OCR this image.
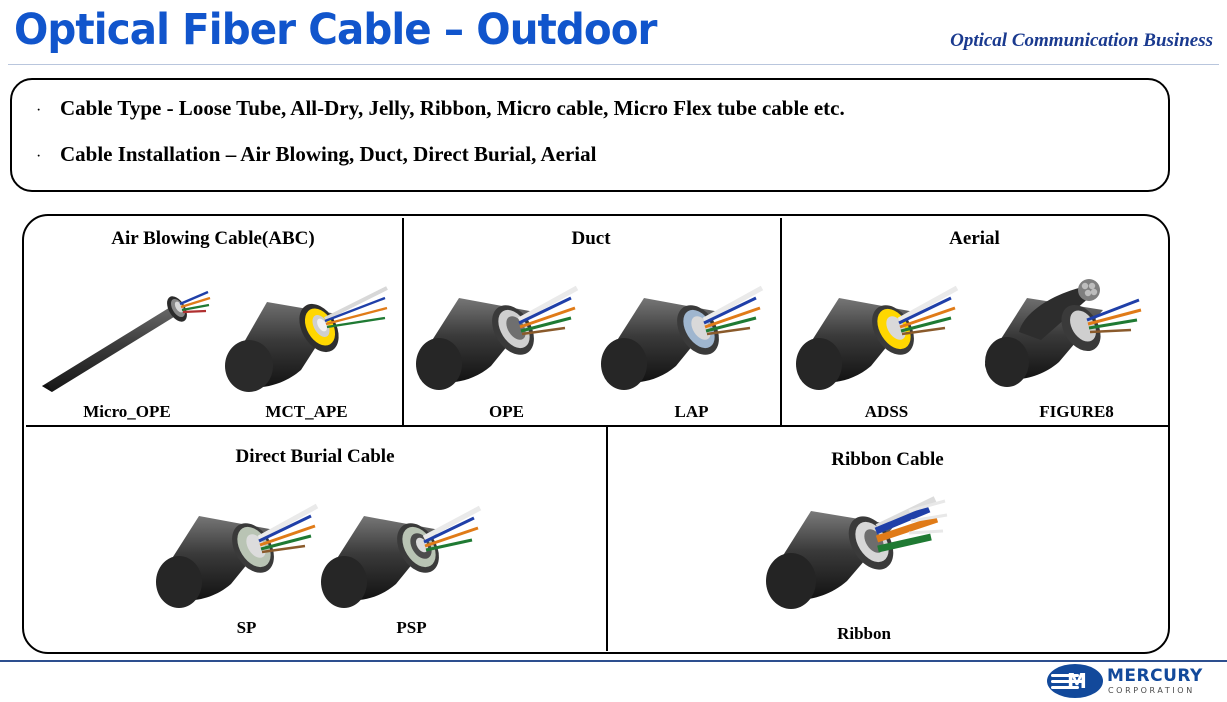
Optical Fiber Cable – Outdoor	Optical Communication Business
· Cable Type - Loose Tube, All-Dry, Jelly, Ribbon, Micro cable, Micro Flex tube cable etc.
· Cable Installation – Air Blowing, Duct, Direct Burial, Aerial
Air Blowing Cable(ABC)	Duct	Aerial
Direct Burial Cable	Ribbon Cable
Micro_OPE	MCT_APE	OPE	LAP	ADSS	FIGURE8
SP	PSP	Ribbon
M MERCURY
CORPORATION
